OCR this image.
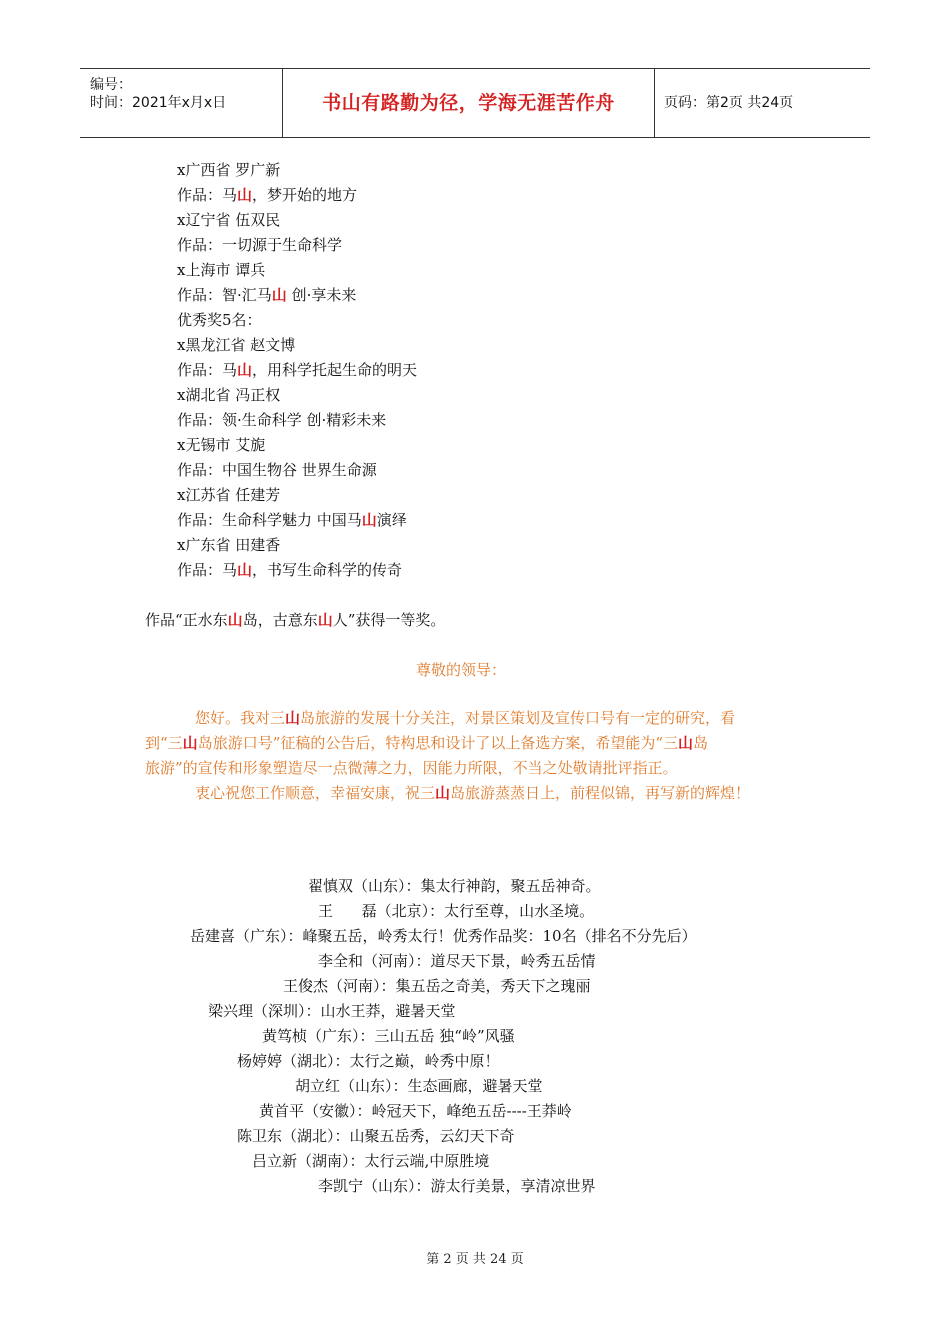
编号：
时间：2021年x月x日	书山有路勤为径，学海无涯苦作舟	页码：第2页 共24页
x广西省 罗广新
作品：马山，梦开始的地方
x辽宁省 伍双民
作品：一切源于生命科学
x上海市 谭兵
作品：智·汇马山 创·享未来
优秀奖5名：
x黑龙江省 赵文博
作品：马山，用科学托起生命的明天
x湖北省 冯正权
作品：领·生命科学 创·精彩未来
x无锡市 艾旎
作品：中国生物谷 世界生命源
x江苏省 任建芳
作品：生命科学魅力 中国马山演绎
x广东省 田建香
作品：马山，书写生命科学的传奇
作品“正水东山岛，古意东山人”获得一等奖。
尊敬的领导：
您好。我对三山岛旅游的发展十分关注，对景区策划及宣传口号有一定的研究，看
到“三山岛旅游口号”征稿的公告后，特构思和设计了以上备选方案，希望能为“三山岛
旅游”的宣传和形象塑造尽一点微薄之力，因能力所限，不当之处敬请批评指正。
衷心祝您工作顺意，幸福安康，祝三山岛旅游蒸蒸日上，前程似锦，再写新的辉煌！
翟慎双（山东）：集太行神韵，聚五岳神奇。
王      磊（北京）：太行至尊，山水圣境。
岳建喜（广东）：峰聚五岳，岭秀太行！优秀作品奖：10名（排名不分先后）
李全和（河南）：道尽天下景，岭秀五岳情
王俊杰（河南）：集五岳之奇美，秀天下之瑰丽
梁兴理（深圳）：山水王莽，避暑天堂
黄笃桢（广东）：三山五岳 独“岭”风骚
杨婷婷（湖北）：太行之巅，岭秀中原！
胡立红（山东）：生态画廊，避暑天堂
黄首平（安徽）：岭冠天下，峰绝五岳----王莽岭
陈卫东（湖北）：山聚五岳秀，云幻天下奇
吕立新（湖南）：太行云端,中原胜境
李凯宁（山东）：游太行美景，享清凉世界
第 2 页 共 24 页
